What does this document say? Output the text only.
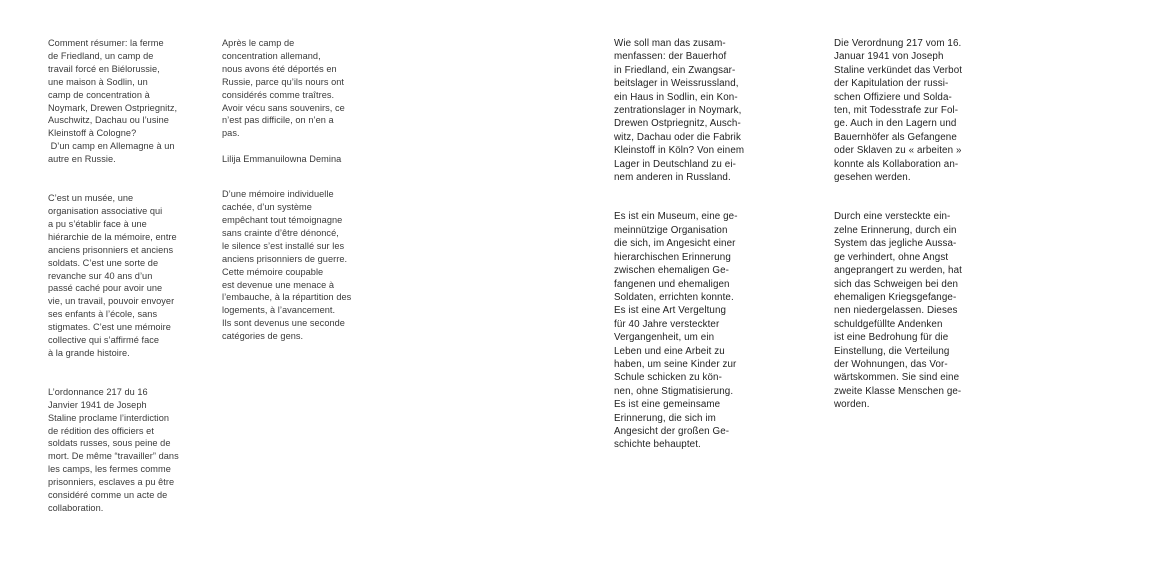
Comment résumer: la ferme
de Friedland, un camp de
travail forcé en Biélorussie,
une maison à Sodlin, un
camp de concentration à
Noymark, Drewen Ostpriegnitz,
Auschwitz, Dachau ou l’usine
Kleinstoff à Cologne?
D’un camp en Allemagne à un
autre en Russie.

C’est un musée, une
organisation associative qui
a pu s’établir face à une
hiérarchie de la mémoire, entre
anciens prisonniers et anciens
soldats. C’est une sorte de
revanche sur 40 ans d’un
passé caché pour avoir une
vie, un travail, pouvoir envoyer
ses enfants à l’école, sans
stigmates. C’est une mémoire
collective qui s’affirmé face
à la grande histoire.

L’ordonnance 217 du 16
Janvier 1941 de Joseph
Staline proclame l’interdiction
de rédition des officiers et
soldats russes, sous peine de
mort. De même “travailler” dans
les camps, les fermes comme
prisonniers, esclaves a pu être
considéré comme un acte de
collaboration.

Après le camp de
concentration allemand,
nous avons été déportés en
Russie, parce qu’ils nours ont
considérés comme traîtres.
Avoir vécu sans souvenirs, ce
n’est pas difficile, on n’en a
pas.

Lilija Emmanuilowna Demina

D’une mémoire individuelle
cachée, d’un système
empêchant tout témoignagne
sans crainte d’être dénoncé,
le silence s’est installé sur les
anciens prisonniers de guerre.
Cette mémoire coupable
est devenue une menace à
l’embauche, à la répartition des
logements, à l’avancement.
Ils sont devenus une seconde
catégories de gens.

Wie soll man das zusam-
menfassen: der Bauerhof
in Friedland, ein Zwangsar-
beitslager in Weissrussland,
ein Haus in Sodlin, ein Kon-
zentrationslager in Noymark,
Drewen Ostpriegnitz, Ausch-
witz, Dachau oder die Fabrik
Kleinstoff in Köln? Von einem
Lager in Deutschland zu ei-
nem anderen in Russland.

Es ist ein Museum, eine ge-
meinnützige Organisation
die sich, im Angesicht einer
hierarchischen Erinnerung
zwischen ehemaligen Ge-
fangenen und ehemaligen
Soldaten, errichten konnte.
Es ist eine Art Vergeltung
für 40 Jahre versteckter
Vergangenheit, um ein
Leben und eine Arbeit zu
haben, um seine Kinder zur
Schule schicken zu kön-
nen, ohne Stigmatisierung.
Es ist eine gemeinsame
Erinnerung, die sich im
Angesicht der großen Ge-
schichte behauptet.

Die Verordnung 217 vom 16.
Januar 1941 von Joseph
Staline verkündet das Verbot
der Kapitulation der russi-
schen Offiziere und Solda-
ten, mit Todesstrafe zur Fol-
ge. Auch in den Lagern und
Bauernhöfer als Gefangene
oder Sklaven zu « arbeiten »
konnte als Kollaboration an-
gesehen werden.

Durch eine versteckte ein-
zelne Erinnerung, durch ein
System das jegliche Aussa-
ge verhindert, ohne Angst
angeprangert zu werden, hat
sich das Schweigen bei den
ehemaligen Kriegsgefange-
nen niedergelassen. Dieses
schuldgefüllte Andenken
ist eine Bedrohung für die
Einstellung, die Verteilung
der Wohnungen, das Vor-
wärtskommen. Sie sind eine
zweite Klasse Menschen ge-
worden.
